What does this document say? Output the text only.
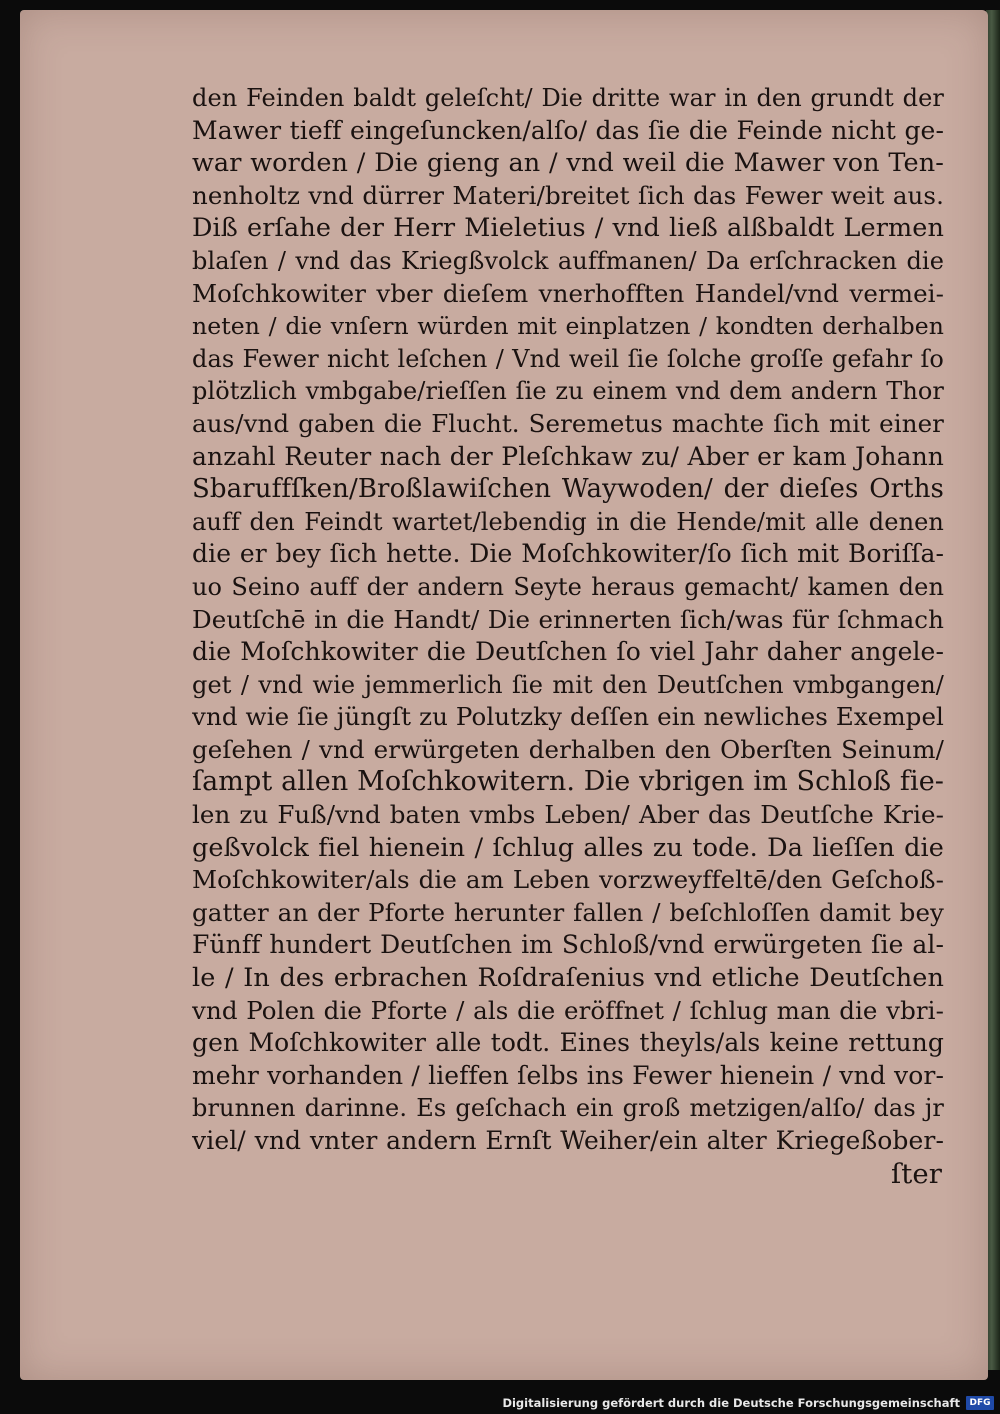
den Feinden baldt geleſcht/ Die dritte war in den grundt der
Mawer tieff eingeſuncken/alſo/ das ſie die Feinde nicht ge-
war worden / Die gieng an / vnd weil die Mawer von Ten-
nenholtz vnd dürrer Materi/breitet ſich das Fewer weit aus.
Diß erſahe der Herr Mieletius / vnd ließ alßbaldt Lermen
blaſen / vnd das Kriegßvolck auffmanen/ Da erſchracken die
Moſchkowiter vber dieſem vnerhofften Handel/vnd vermei-
neten / die vnſern würden mit einplatzen / kondten derhalben
das Fewer nicht leſchen / Vnd weil ſie ſolche groſſe gefahr ſo
plötzlich vmbgabe/rieſſen ſie zu einem vnd dem andern Thor
aus/vnd gaben die Flucht. Seremetus machte ſich mit einer
anzahl Reuter nach der Pleſchkaw zu/ Aber er kam Johann
Sbaruffſken/Broßlawiſchen Waywoden/ der dieſes Orths
auff den Feindt wartet/lebendig in die Hende/mit alle denen
die er bey ſich hette. Die Moſchkowiter/ſo ſich mit Boriſſa-
uo Seino auff der andern Seyte heraus gemacht/ kamen den
Deutſchē in die Handt/ Die erinnerten ſich/was für ſchmach
die Moſchkowiter die Deutſchen ſo viel Jahr daher angele-
get / vnd wie jemmerlich ſie mit den Deutſchen vmbgangen/
vnd wie ſie jüngſt zu Polutzky deſſen ein newliches Exempel
geſehen / vnd erwürgeten derhalben den Oberſten Seinum/
ſampt allen Moſchkowitern. Die vbrigen im Schloß fie-
len zu Fuß/vnd baten vmbs Leben/ Aber das Deutſche Krie-
geßvolck fiel hienein / ſchlug alles zu tode. Da lieſſen die
Moſchkowiter/als die am Leben vorzweyffeltē/den Geſchoß-
gatter an der Pforte herunter fallen / beſchloſſen damit bey
Fünff hundert Deutſchen im Schloß/vnd erwürgeten ſie al-
le / In des erbrachen Roſdraſenius vnd etliche Deutſchen
vnd Polen die Pforte / als die eröffnet / ſchlug man die vbri-
gen Moſchkowiter alle todt. Eines theyls/als keine rettung
mehr vorhanden / lieffen ſelbs ins Fewer hienein / vnd vor-
brunnen darinne. Es geſchach ein groß metzigen/alſo/ das jr
viel/ vnd vnter andern Ernſt Weiher/ein alter Kriegeßober-
ſter
Digitalisierung gefördert durch die Deutsche Forschungsgemeinschaft	DFG
